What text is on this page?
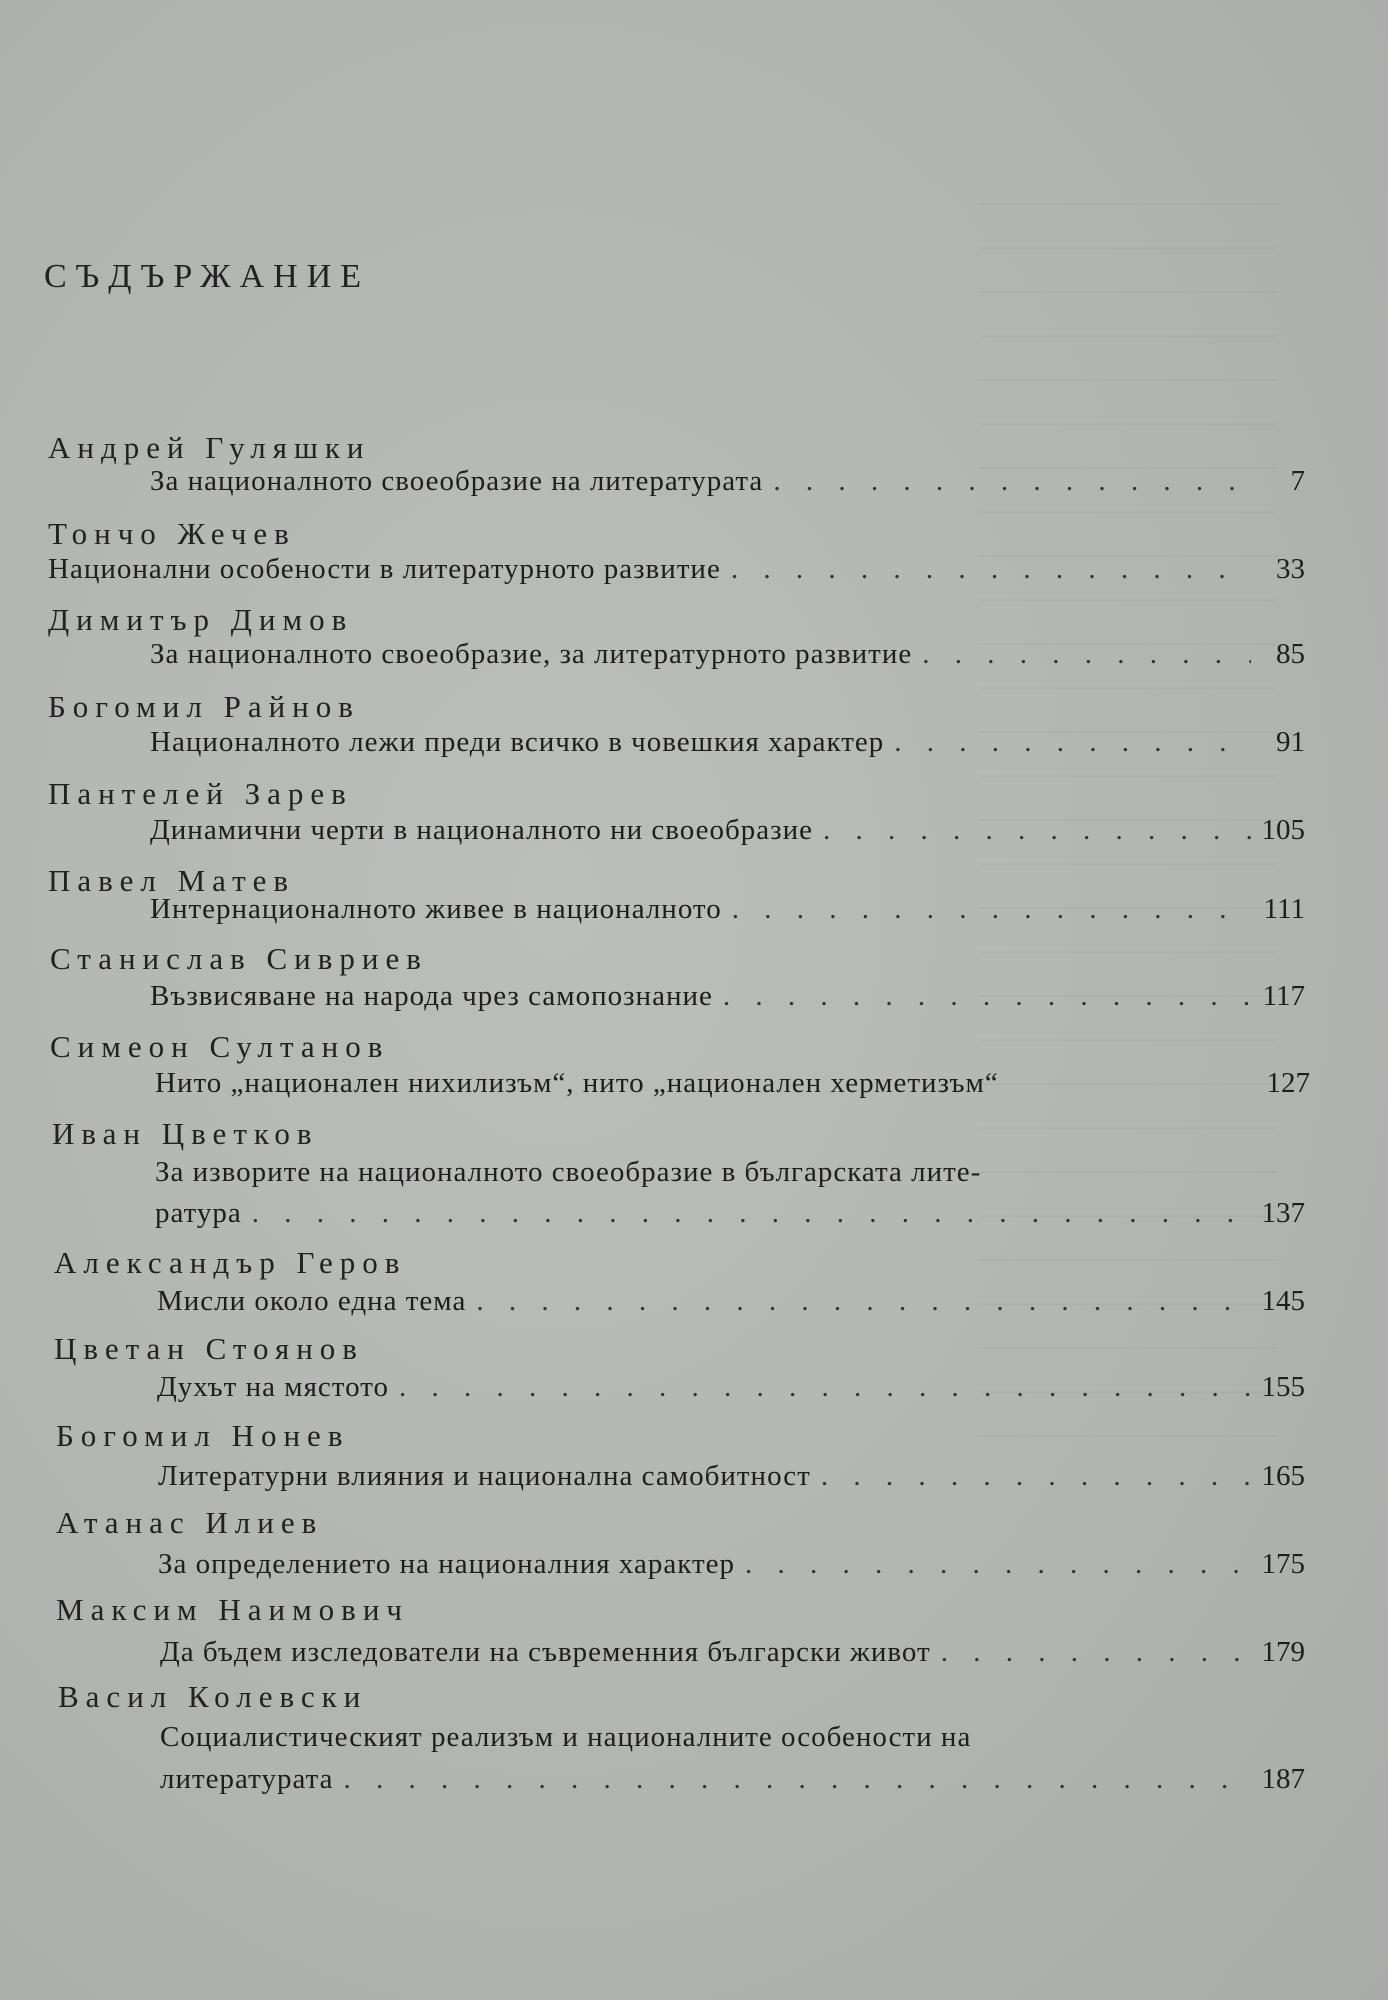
СЪДЪРЖАНИЕ
Андрей Гуляшки
За националното своеобразие на литературата . . .	7
Тончо Жечев
Национални особености в литературното развитие . . .	33
Димитър Димов
За националното своеобразие, за литературното развитие . . .	85
Богомил Райнов
Националното лежи преди всичко в човешкия характер . . .	91
Пантелей Зарев
Динамични черти в националното ни своеобразие . . .	105
Павел Матев
Интернационалното живее в националното . . .	111
Станислав Сивриев
Възвисяване на народа чрез самопознание . . .	117
Симеон Султанов
Нито „национален нихилизъм“, нито „национален херметизъм“	127
Иван Цветков
За изворите на националното своеобразие в българската лите-
ратура . . .	137
Александър Геров
Мисли около една тема . . .	145
Цветан Стоянов
Духът на мястото . . .	155
Богомил Нонев
Литературни влияния и национална самобитност . . .	165
Атанас Илиев
За определението на националния характер . . .	175
Максим Наимович
Да бъдем изследователи на съвременния български живот . . .	179
Васил Колевски
Социалистическият реализъм и националните особености на
литературата . . .	187
